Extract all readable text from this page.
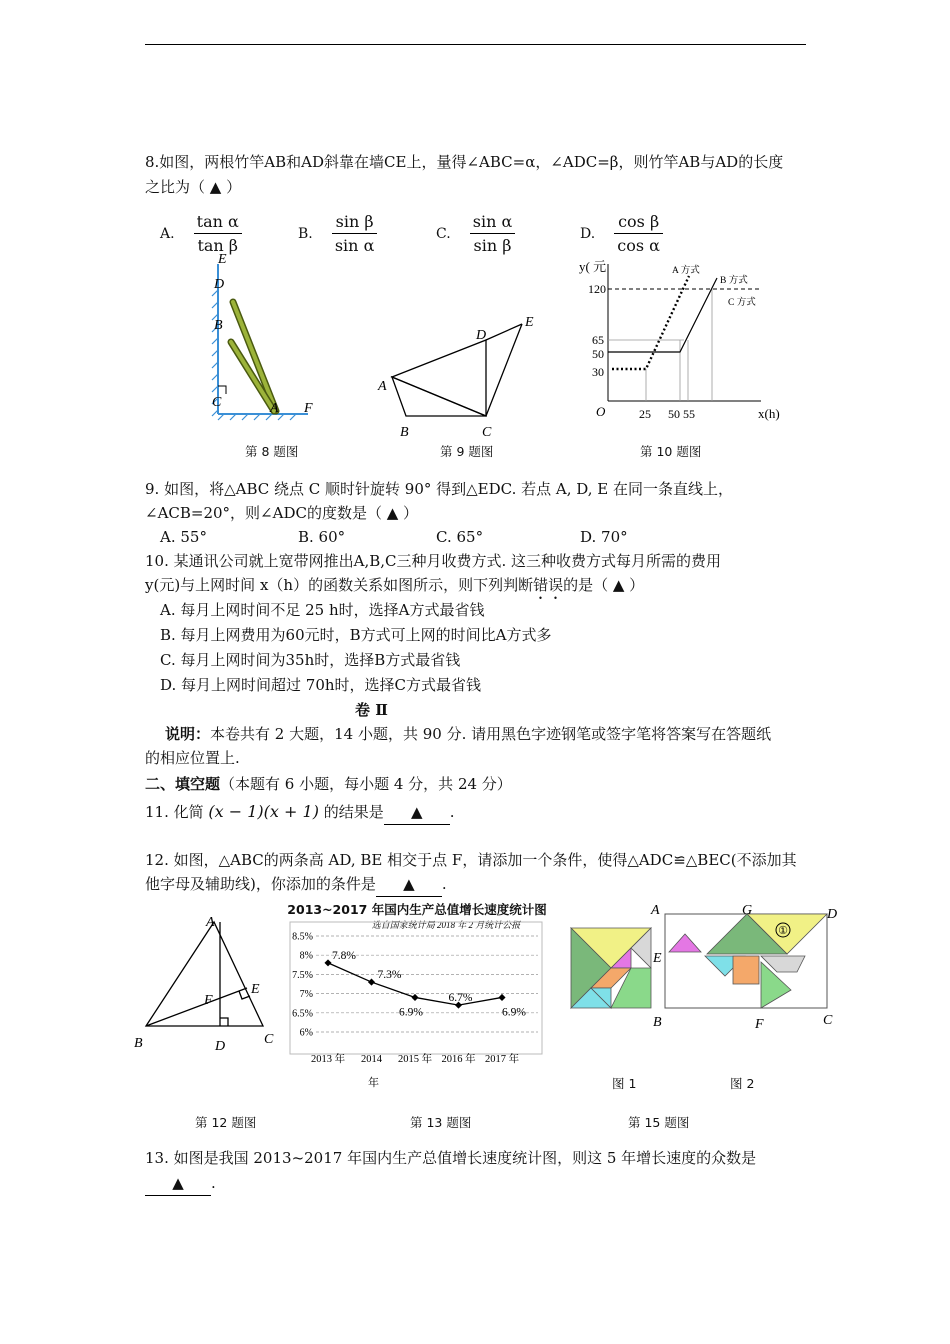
8.如图，两根竹竿AB和AD斜靠在墙CE上，量得∠ABC=α，∠ADC=β，则竹竿AB与AD的长度
之比为（ ▲ ）
A. $\frac{\text{tan α}}{\text{tan β}}$	B. $\frac{\text{sin β}}{\text{sin α}}$	C. $\frac{\text{sin α}}{\text{sin β}}$	D. $\frac{\text{cos β}}{\text{cos α}}$
E
D
B
C	A F
第 8 题图
A
B	C
D
E
第 9 题图
y( 元
120
65
50
30
O	25 50 55	x(h)
A 方式
B 方式
C 方式
第 10 题图
9. 如图，将△ABC 绕点 C 顺时针旋转 90° 得到△EDC. 若点 A, D, E 在同一条直线上，
∠ACB=20°，则∠ADC的度数是（ ▲ ）
A. 55°	B. 60°	C. 65°	D. 70°
10. 某通讯公司就上宽带网推出A,B,C三种月收费方式. 这三种收费方式每月所需的费用
y(元)与上网时间 x（h）的函数关系如图所示，则下列判断错误的是（ ▲ ）
A. 每月上网时间不足 25 h时，选择A方式最省钱
B. 每月上网费用为60元时，B方式可上网的时间比A方式多
C. 每月上网时间为35h时，选择B方式最省钱
D. 每月上网时间超过 70h时，选择C方式最省钱
卷 Ⅱ
说明：本卷共有 2 大题，14 小题，共 90 分. 请用黑色字迹钢笔或签字笔将答案写在答题纸
的相应位置上.
二、填空题（本题有 6 小题，每小题 4 分，共 24 分）
11. 化简 (x − 1)(x + 1) 的结果是 ▲ .
12. 如图，△ABC的两条高 AD, BE 相交于点 F，请添加一个条件，使得△ADC≌△BEC(不添加其
他字母及辅助线)，你添加的条件是 ▲ .
A
B	C
D
E
F
第 12 题图
2013~2017 年国内生产总值增长速度统计图
选自国家统计局 2018 年 2 月统计公报
8.5%
8%
7.5%
7%
6.5%
6%
7.8%
7.3%
6.9%
6.7%
6.9%
2013 年 2014 2015 年 2016 年 2017 年
年
第 13 题图
①
A	G	D
E
B	F	C
图 1	图 2
第 15 题图
13. 如图是我国 2013~2017 年国内生产总值增长速度统计图，则这 5 年增长速度的众数是
▲ .
